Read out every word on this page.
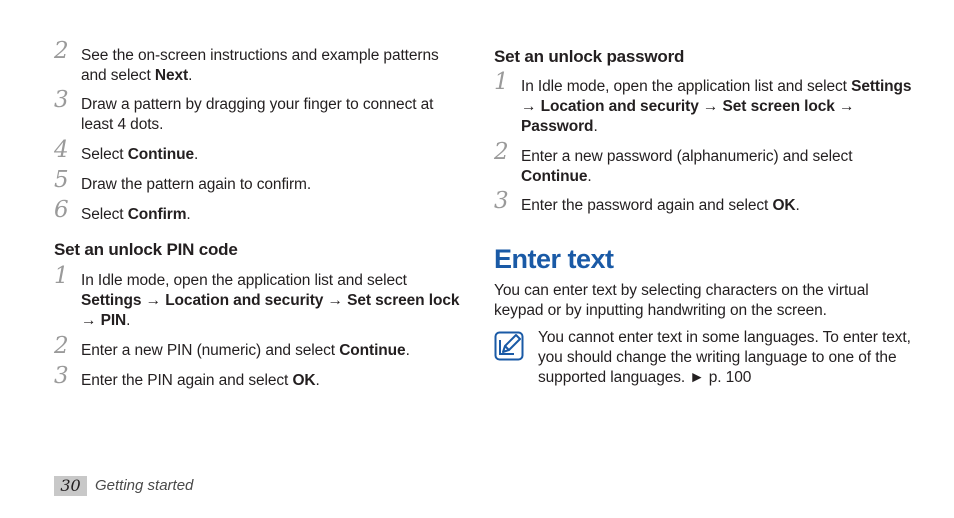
2 See the on-screen instructions and example patterns and select Next.
3 Draw a pattern by dragging your finger to connect at least 4 dots.
4 Select Continue.
5 Draw the pattern again to confirm.
6 Select Confirm.
Set an unlock PIN code
1 In Idle mode, open the application list and select Settings → Location and security → Set screen lock → PIN.
2 Enter a new PIN (numeric) and select Continue.
3 Enter the PIN again and select OK.
Set an unlock password
1 In Idle mode, open the application list and select Settings → Location and security → Set screen lock → Password.
2 Enter a new password (alphanumeric) and select Continue.
3 Enter the password again and select OK.
Enter text
You can enter text by selecting characters on the virtual keypad or by inputting handwriting on the screen.
You cannot enter text in some languages. To enter text, you should change the writing language to one of the supported languages. ► p. 100
30 Getting started
